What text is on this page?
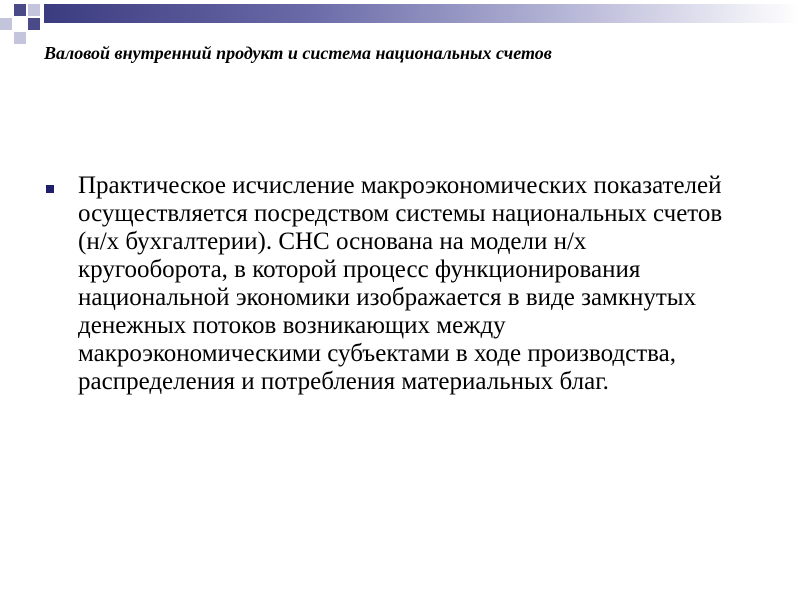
Валовой внутренний продукт и система национальных счетов

Практическое исчисление макроэкономических показателей осуществляется посредством системы национальных счетов (н/х бухгалтерии). СНС основана на модели н/х кругооборота, в которой процесс функционирования национальной экономики изображается в виде замкнутых денежных потоков возникающих между макроэкономическими субъектами в ходе производства, распределения и потребления материальных благ.
